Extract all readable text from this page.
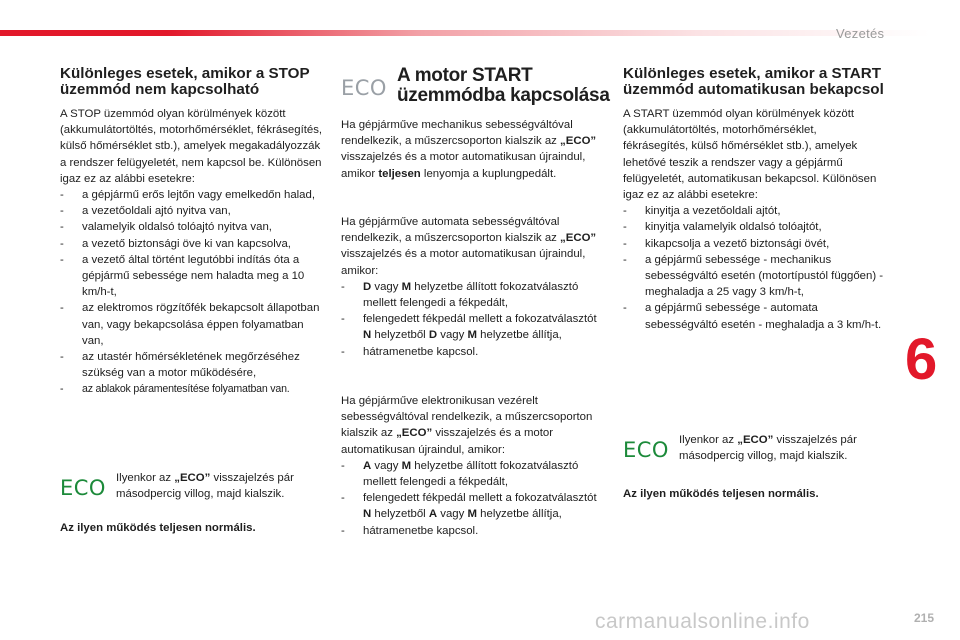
Vezetés
Különleges esetek, amikor a STOP üzemmód nem kapcsolható

A STOP üzemmód olyan körülmények között (akkumulátortöltés, motorhőmérséklet, fékrásegítés, külső hőmérséklet stb.), amelyek megakadályozzák a rendszer felügyeletét, nem kapcsol be. Különösen igaz ez az alábbi esetekre:

- a gépjármű erős lejtőn vagy emelkedőn halad,
- a vezetőoldali ajtó nyitva van,
- valamelyik oldalsó tolóajtó nyitva van,
- a vezető biztonsági öve ki van kapcsolva,
- a vezető által történt legutóbbi indítás óta a gépjármű sebessége nem haladta meg a 10 km/h-t,
- az elektromos rögzítőfék bekapcsolt állapotban van, vagy bekapcsolása éppen folyamatban van,
- az utastér hőmérsékletének megőrzéséhez szükség van a motor működésére,
- az ablakok páramentesítése folyamatban van.
ECO Ilyenkor az „ECO” visszajelzés pár másodpercig villog, majd kialszik.

Az ilyen működés teljesen normális.
ECO
A motor START üzemmódba kapcsolása

Ha gépjárműve mechanikus sebességváltóval rendelkezik, a műszercsoporton kialszik az „ECO” visszajelzés és a motor automatikusan újraindul, amikor teljesen lenyomja a kuplungpedált.

Ha gépjárműve automata sebességváltóval rendelkezik, a műszercsoporton kialszik az „ECO” visszajelzés és a motor automatikusan újraindul, amikor:

- D vagy M helyzetbe állított fokozatválasztó mellett felengedi a fékpedált,
- felengedett fékpedál mellett a fokozatválasztót N helyzetből D vagy M helyzetbe állítja,
- hátramenetbe kapcsol.

Ha gépjárműve elektronikusan vezérelt sebességváltóval rendelkezik, a műszercsoporton kialszik az „ECO” visszajelzés és a motor automatikusan újraindul, amikor:

- A vagy M helyzetbe állított fokozatválasztó mellett felengedi a fékpedált,
- felengedett fékpedál mellett a fokozatválasztót N helyzetből A vagy M helyzetbe állítja,
- hátramenetbe kapcsol.
Különleges esetek, amikor a START üzemmód automatikusan bekapcsol

A START üzemmód olyan körülmények között (akkumulátortöltés, motorhőmérséklet, fékrásegítés, külső hőmérséklet stb.), amelyek lehetővé teszik a rendszer vagy a gépjármű felügyeletét, automatikusan bekapcsol. Különösen igaz ez az alábbi esetekre:

- kinyitja a vezetőoldali ajtót,
- kinyitja valamelyik oldalsó tolóajtót,
- kikapcsolja a vezető biztonsági övét,
- a gépjármű sebessége - mechanikus sebességváltó esetén (motortípustól függően) - meghaladja a 25 vagy 3 km/h-t,
- a gépjármű sebessége - automata sebességváltó esetén - meghaladja a 3 km/h-t.
ECO Ilyenkor az „ECO” visszajelzés pár másodpercig villog, majd kialszik.

Az ilyen működés teljesen normális.
6
carmanualsonline.info	215
